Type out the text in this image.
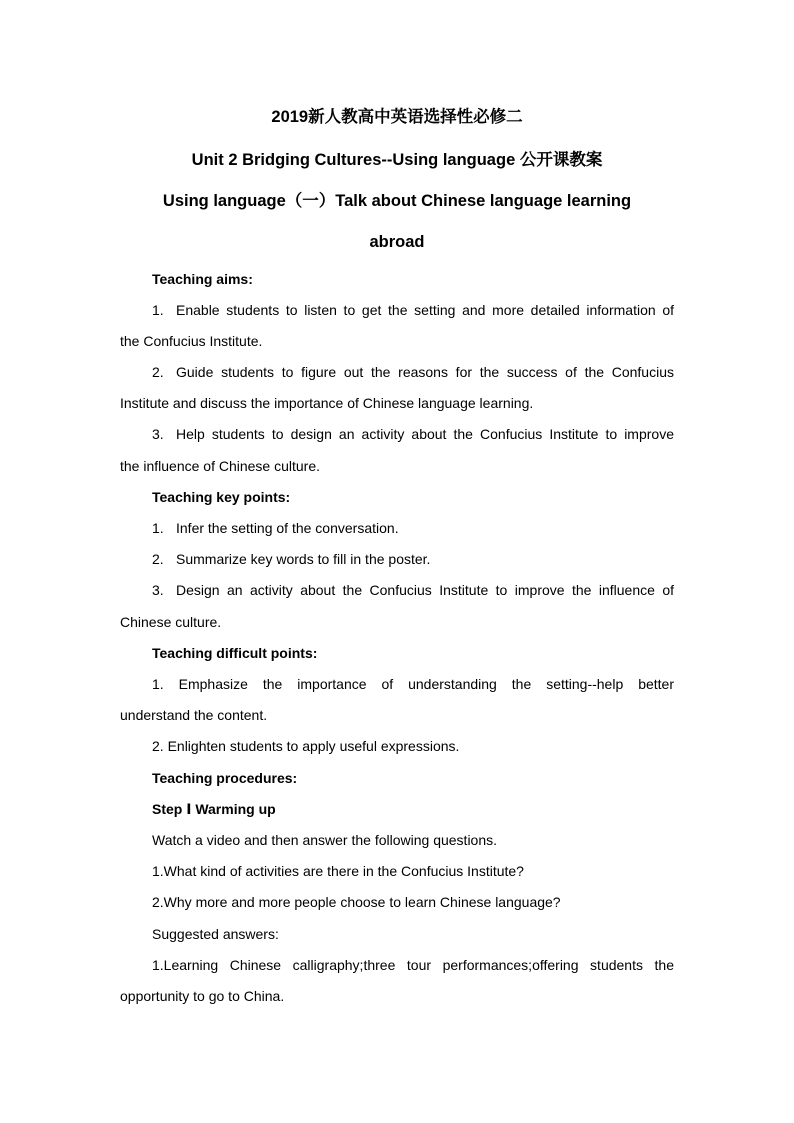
2019新人教高中英语选择性必修二
Unit 2 Bridging Cultures--Using language 公开课教案
Using language（一）Talk about Chinese language learning
abroad
Teaching aims:
1. Enable students to listen to get the setting and more detailed information of
the Confucius Institute.
2. Guide students to figure out the reasons for the success of the Confucius
Institute and discuss the importance of Chinese language learning.
3. Help students to design an activity about the Confucius Institute to improve
the influence of Chinese culture.
Teaching key points:
1. Infer the setting of the conversation.
2. Summarize key words to fill in the poster.
3. Design an activity about the Confucius Institute to improve the influence of
Chinese culture.
Teaching difficult points:
1. Emphasize the importance of understanding the setting--help better
understand the content.
2. Enlighten students to apply useful expressions.
Teaching procedures:
Step Ⅰ Warming up
Watch a video and then answer the following questions.
1.What kind of activities are there in the Confucius Institute?
2.Why more and more people choose to learn Chinese language?
Suggested answers:
1.Learning Chinese calligraphy;three tour performances;offering students the
opportunity to go to China.
